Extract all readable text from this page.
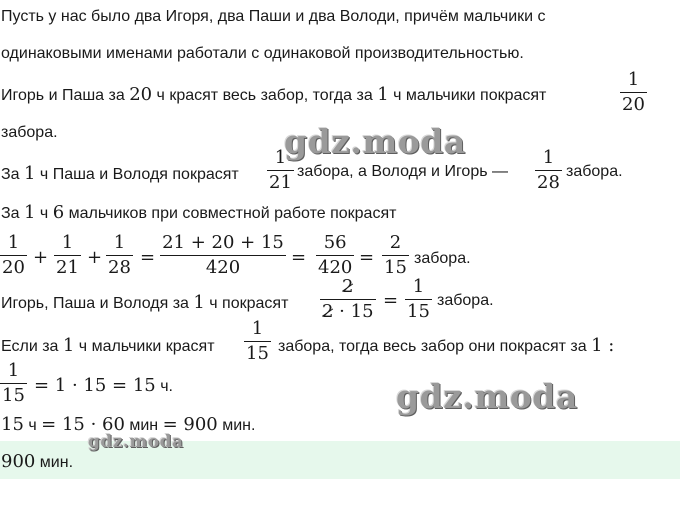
Пусть у нас было два Игоря, два Паши и два Володи, причём мальчики с
одинаковыми именами работали с одинаковой производительностью.
Игорь и Паша за 20 ч красят весь забор, тогда за 1 ч мальчики покрасят
1
20
забора.
За 1 ч Паша и Володя покрасят
1
21
забора, а Володя и Игорь —
1
28
забора.
За 1 ч 6 мальчиков при совместной работе покрасят
1
20 +
1
21 +
1
28 =
21 + 20 + 15
420	=
56
420 =
2
15 забора.
Игорь, Паша и Володя за 1 ч покрасят
2
2 · 15
=
1
15
забора.
Если за 1 ч мальчики красят
1
15 забора, тогда весь забор они покрасят за 1 :
1
15 = 1 · 15 = 15 ч.
15 ч = 15 · 60 мин = 900 мин.
900 мин.
gdz.moda
gdz.moda
gdz.moda
